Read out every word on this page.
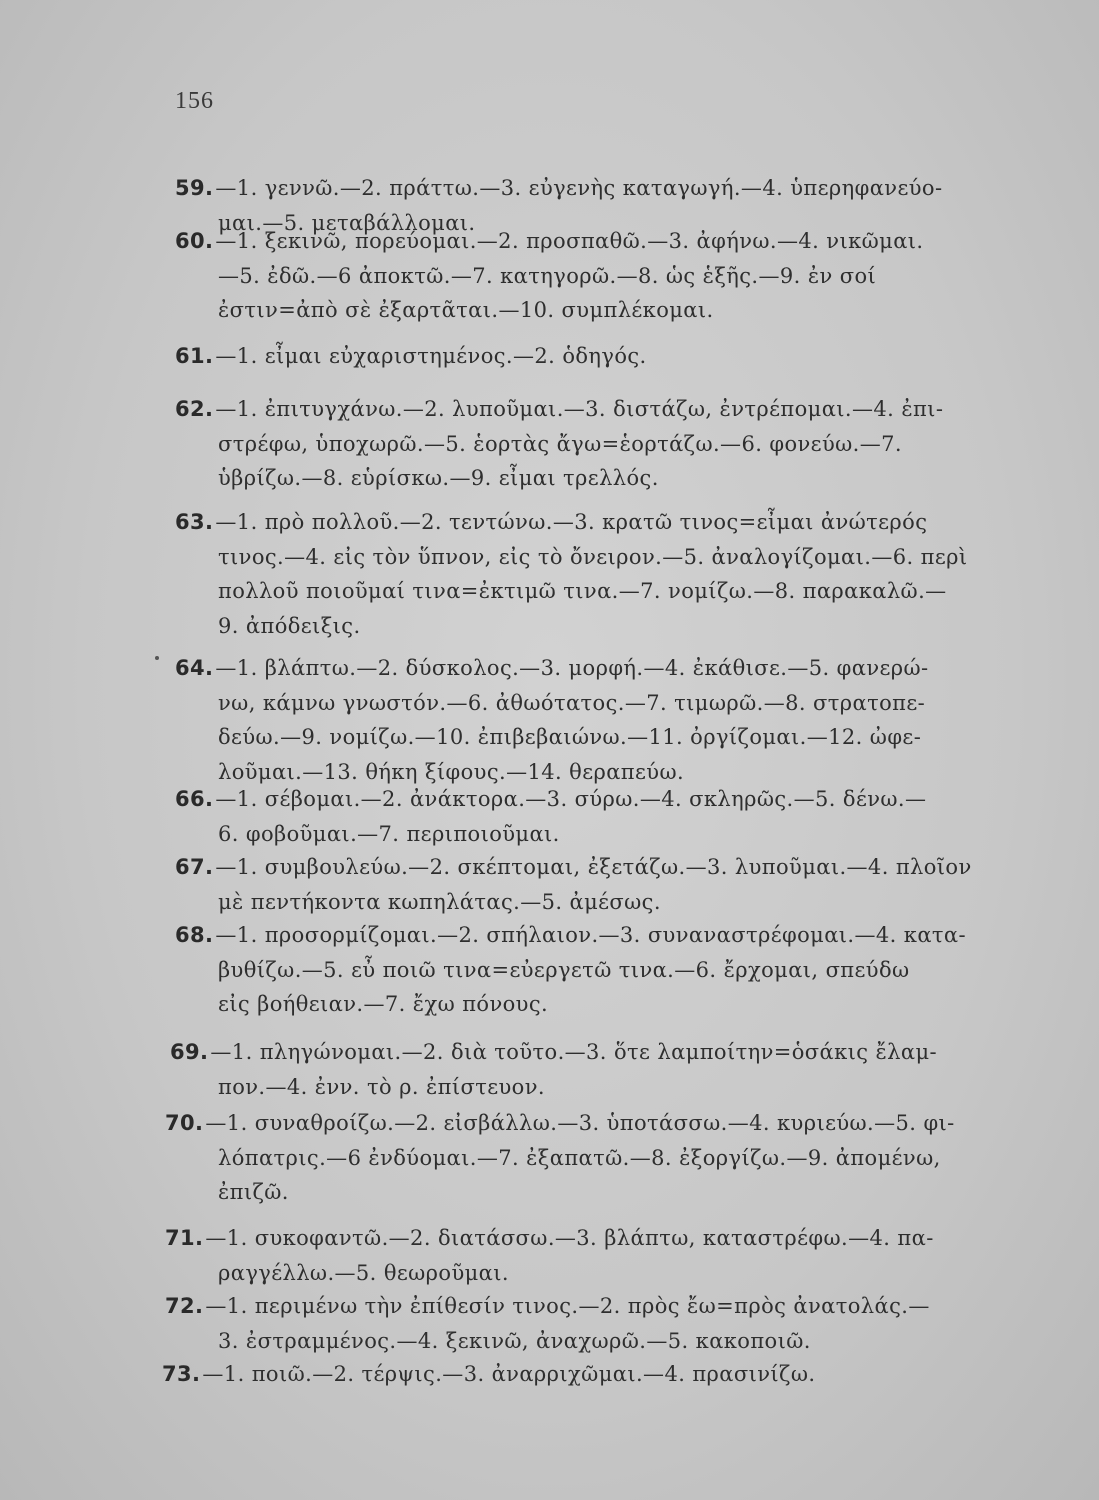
156
59.—1. γεννῶ.—2. πράττω.—3. εὐγενὴς καταγωγή.—4. ὑπερηφανεύο-
μαι.—5. μεταβάλλομαι.
60.—1. ξεκινῶ, πορεύομαι.—2. προσπαθῶ.—3. ἀφήνω.—4. νικῶμαι.
—5. ἐδῶ.—6 ἀποκτῶ.—7. κατηγορῶ.—8. ὡς ἑξῆς.—9. ἐν σοί
ἐστιν=ἀπὸ σὲ ἐξαρτᾶται.—10. συμπλέκομαι.
61.—1. εἶμαι εὐχαριστημένος.—2. ὁδηγός.
62.—1. ἐπιτυγχάνω.—2. λυποῦμαι.—3. διστάζω, ἐντρέπομαι.—4. ἐπι-
στρέφω, ὑποχωρῶ.—5. ἑορτὰς ἄγω=ἑορτάζω.—6. φονεύω.—7.
ὑβρίζω.—8. εὑρίσκω.—9. εἶμαι τρελλός.
63.—1. πρὸ πολλοῦ.—2. τεντώνω.—3. κρατῶ τινος=εἶμαι ἀνώτερός
τινος.—4. εἰς τὸν ὕπνον, εἰς τὸ ὄνειρον.—5. ἀναλογίζομαι.—6. περὶ
πολλοῦ ποιοῦμαί τινα=ἐκτιμῶ τινα.—7. νομίζω.—8. παρακαλῶ.—
9. ἀπόδειξις.
64.—1. βλάπτω.—2. δύσκολος.—3. μορφή.—4. ἐκάθισε.—5. φανερώ-
νω, κάμνω γνωστόν.—6. ἀθωότατος.—7. τιμωρῶ.—8. στρατοπε-
δεύω.—9. νομίζω.—10. ἐπιβεβαιώνω.—11. ὀργίζομαι.—12. ὠφε-
λοῦμαι.—13. θήκη ξίφους.—14. θεραπεύω.
66.—1. σέβομαι.—2. ἀνάκτορα.—3. σύρω.—4. σκληρῶς.—5. δένω.—
6. φοβοῦμαι.—7. περιποιοῦμαι.
67.—1. συμβουλεύω.—2. σκέπτομαι, ἐξετάζω.—3. λυποῦμαι.—4. πλοῖον
μὲ πεντήκοντα κωπηλάτας.—5. ἀμέσως.
68.—1. προσορμίζομαι.—2. σπήλαιον.—3. συναναστρέφομαι.—4. κατα-
βυθίζω.—5. εὖ ποιῶ τινα=εὐεργετῶ τινα.—6. ἔρχομαι, σπεύδω
εἰς βοήθειαν.—7. ἔχω πόνους.
69.—1. πληγώνομαι.—2. διὰ τοῦτο.—3. ὅτε λαμποίτην=ὁσάκις ἔλαμ-
πον.—4. ἐνν. τὸ ρ. ἐπίστευον.
70.—1. συναθροίζω.—2. εἰσβάλλω.—3. ὑποτάσσω.—4. κυριεύω.—5. φι-
λόπατρις.—6 ἐνδύομαι.—7. ἐξαπατῶ.—8. ἐξοργίζω.—9. ἀπομένω,
ἐπιζῶ.
71.—1. συκοφαντῶ.—2. διατάσσω.—3. βλάπτω, καταστρέφω.—4. πα-
ραγγέλλω.—5. θεωροῦμαι.
72.—1. περιμένω τὴν ἐπίθεσίν τινος.—2. πρὸς ἔω=πρὸς ἀνατολάς.—
3. ἐστραμμένος.—4. ξεκινῶ, ἀναχωρῶ.—5. κακοποιῶ.
73.—1. ποιῶ.—2. τέρψις.—3. ἀναρριχῶμαι.—4. πρασινίζω.
